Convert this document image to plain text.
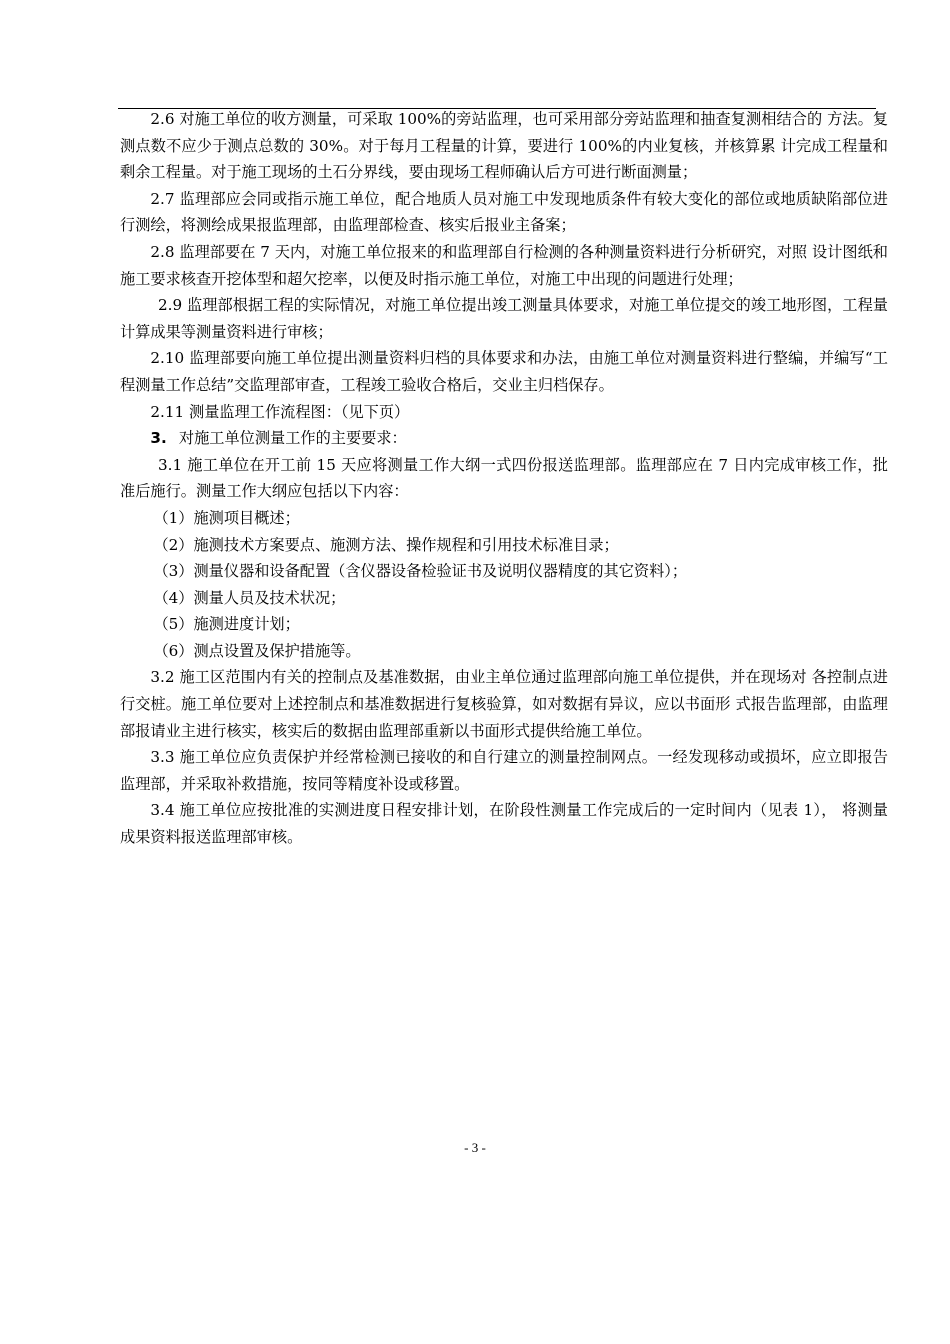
2.6 对施工单位的收方测量，可采取 100%的旁站监理，也可采用部分旁站监理和抽查复测相结合的 方法。复测点数不应少于测点总数的 30%。对于每月工程量的计算，要进行 100%的内业复核，并核算累 计完成工程量和剩余工程量。对于施工现场的土石分界线，要由现场工程师确认后方可进行断面测量；

2.7 监理部应会同或指示施工单位，配合地质人员对施工中发现地质条件有较大变化的部位或地质缺陷部位进行测绘，将测绘成果报监理部，由监理部检查、核实后报业主备案；

2.8 监理部要在 7 天内，对施工单位报来的和监理部自行检测的各种测量资料进行分析研究，对照 设计图纸和施工要求核查开挖体型和超欠挖率，以便及时指示施工单位，对施工中出现的问题进行处理；

2.9 监理部根据工程的实际情况，对施工单位提出竣工测量具体要求，对施工单位提交的竣工地形图，工程量计算成果等测量资料进行审核；

2.10 监理部要向施工单位提出测量资料归档的具体要求和办法，由施工单位对测量资料进行整编，并编写“工程测量工作总结”交监理部审查，工程竣工验收合格后，交业主归档保存。

2.11 测量监理工作流程图：（见下页）

3. 对施工单位测量工作的主要要求：

3.1 施工单位在开工前 15 天应将测量工作大纲一式四份报送监理部。监理部应在 7 日内完成审核工作，批准后施行。测量工作大纲应包括以下内容：

（1）施测项目概述；

（2）施测技术方案要点、施测方法、操作规程和引用技术标准目录；

（3）测量仪器和设备配置（含仪器设备检验证书及说明仪器精度的其它资料）；

（4）测量人员及技术状况；

（5）施测进度计划；

（6）测点设置及保护措施等。

3.2 施工区范围内有关的控制点及基准数据，由业主单位通过监理部向施工单位提供，并在现场对 各控制点进行交桩。施工单位要对上述控制点和基准数据进行复核验算，如对数据有异议，应以书面形 式报告监理部，由监理部报请业主进行核实，核实后的数据由监理部重新以书面形式提供给施工单位。

3.3 施工单位应负责保护并经常检测已接收的和自行建立的测量控制网点。一经发现移动或损坏，应立即报告监理部，并采取补救措施，按同等精度补设或移置。

3.4 施工单位应按批准的实测进度日程安排计划，在阶段性测量工作完成后的一定时间内（见表 1）， 将测量成果资料报送监理部审核。

- 3 -
